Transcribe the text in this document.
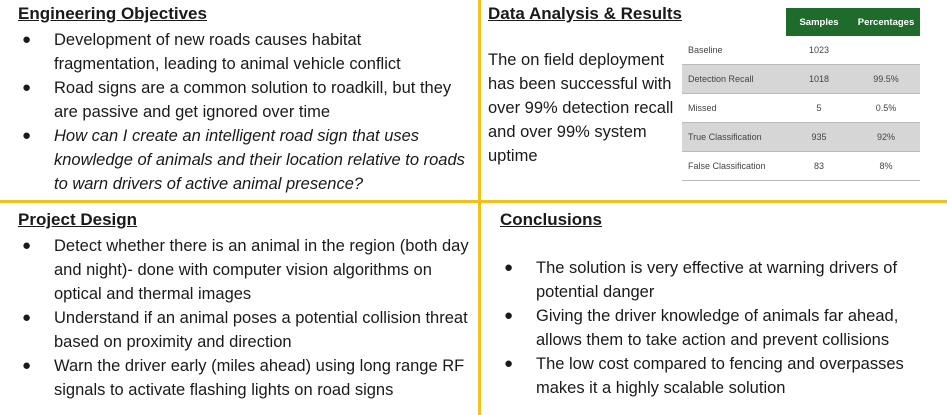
Engineering Objectives
● Development of new roads causes habitat fragmentation, leading to animal vehicle conflict
● Road signs are a common solution to roadkill, but they are passive and get ignored over time
● How can I create an intelligent road sign that uses knowledge of animals and their location relative to roads to warn drivers of active animal presence?
Data Analysis & Results

The on field deployment has been successful with over 99% detection recall and over 99% system uptime

	Samples	Percentages
Baseline	1023	
Detection Recall	1018	99.5%
Missed	5	0.5%
True Classification	935	92%
False Classification	83	8%
Project Design
● Detect whether there is an animal in the region (both day and night)- done with computer vision algorithms on optical and thermal images
● Understand if an animal poses a potential collision threat based on proximity and direction
● Warn the driver early (miles ahead) using long range RF signals to activate flashing lights on road signs
Conclusions
● The solution is very effective at warning drivers of potential danger
● Giving the driver knowledge of animals far ahead, allows them to take action and prevent collisions
● The low cost compared to fencing and overpasses makes it a highly scalable solution
